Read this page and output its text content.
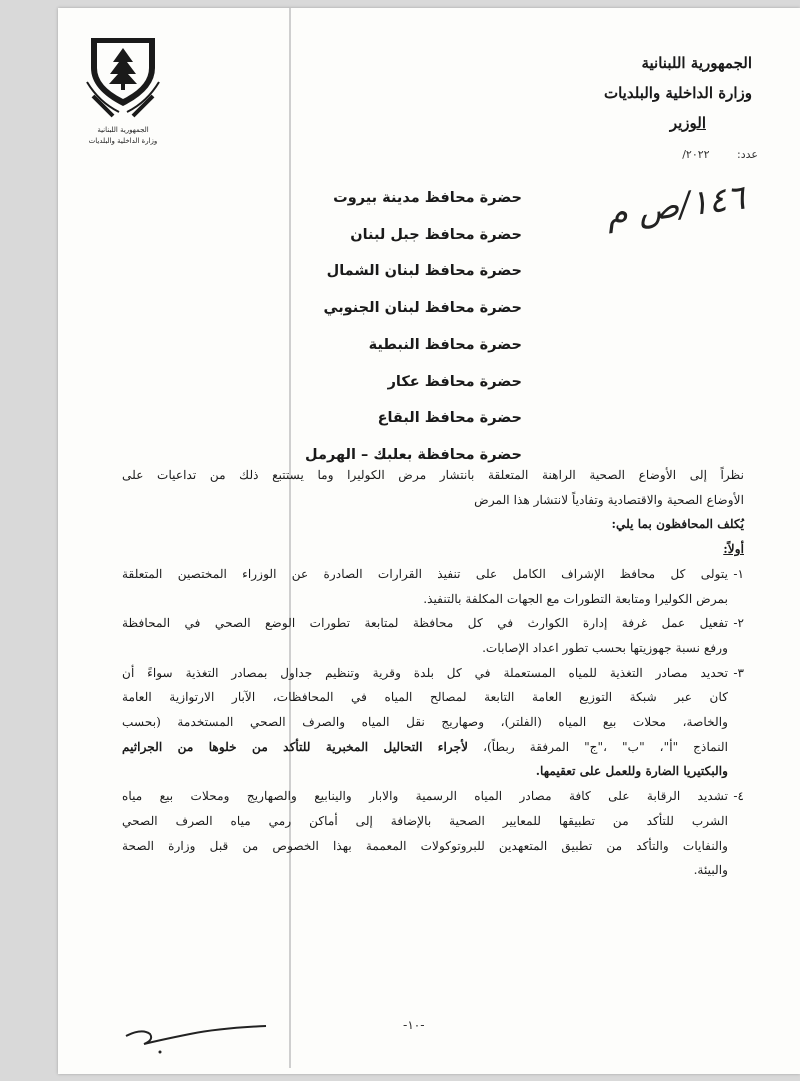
الجمهورية اللبنانية
وزارة الداخلية والبلديات
الجمهورية اللبنانية
وزارة الداخلية والبلديات
الوزير
عدد: ٢٠٢٢/
١٤٦/ص م
حضرة محافظ مدينة بيروت
حضرة محافظ جبل لبنان
حضرة محافظ لبنان الشمال
حضرة محافظ لبنان الجنوبي
حضرة محافظ النبطية
حضرة محافظ عكار
حضرة محافظ البقاع
حضرة محافظة بعلبك – الهرمل

نظراً إلى الأوضاع الصحية الراهنة المتعلقة بانتشار مرض الكوليرا وما يستتبع ذلك من تداعيات على

الأوضاع الصحية والاقتصادية وتفادياً لانتشار هذا المرض

يُكلف المحافظون بما يلي:

أولاً:

١-

يتولى كل محافظ الإشراف الكامل على تنفيذ القرارات الصادرة عن الوزراء المختصين المتعلقة

بمرض الكوليرا ومتابعة التطورات مع الجهات المكلفة بالتنفيذ.

٢-

تفعيل عمل غرفة إدارة الكوارث في كل محافظة لمتابعة تطورات الوضع الصحي في المحافظة

ورفع نسبة جهوزيتها بحسب تطور اعداد الإصابات.

٣-

تحديد مصادر التغذية للمياه المستعملة في كل بلدة وقرية وتنظيم جداول بمصادر التغذية سواءً أن

كان عبر شبكة التوزيع العامة التابعة لمصالح المياه في المحافظات، الآبار الارتوازية العامة

والخاصة، محلات بيع المياه (الفلتر)، وصهاريج نقل المياه والصرف الصحي المستخدمة (بحسب

النماذج "أ"، "ب" ،"ج" المرفقة ربطاً)، لأجراء التحاليل المخبرية للتأكد من خلوها من الجراثيم

والبكتيريا الضارة وللعمل على تعقيمها.

٤-

تشديد الرقابة على كافة مصادر المياه الرسمية والابار والينابيع والصهاريج ومحلات بيع مياه

الشرب للتأكد من تطبيقها للمعايير الصحية بالإضافة إلى أماكن رمي مياه الصرف الصحي

والنفايات والتأكد من تطبيق المتعهدين للبروتوكولات المعممة بهذا الخصوص من قبل وزارة الصحة

والبيئة.

-١٠-
